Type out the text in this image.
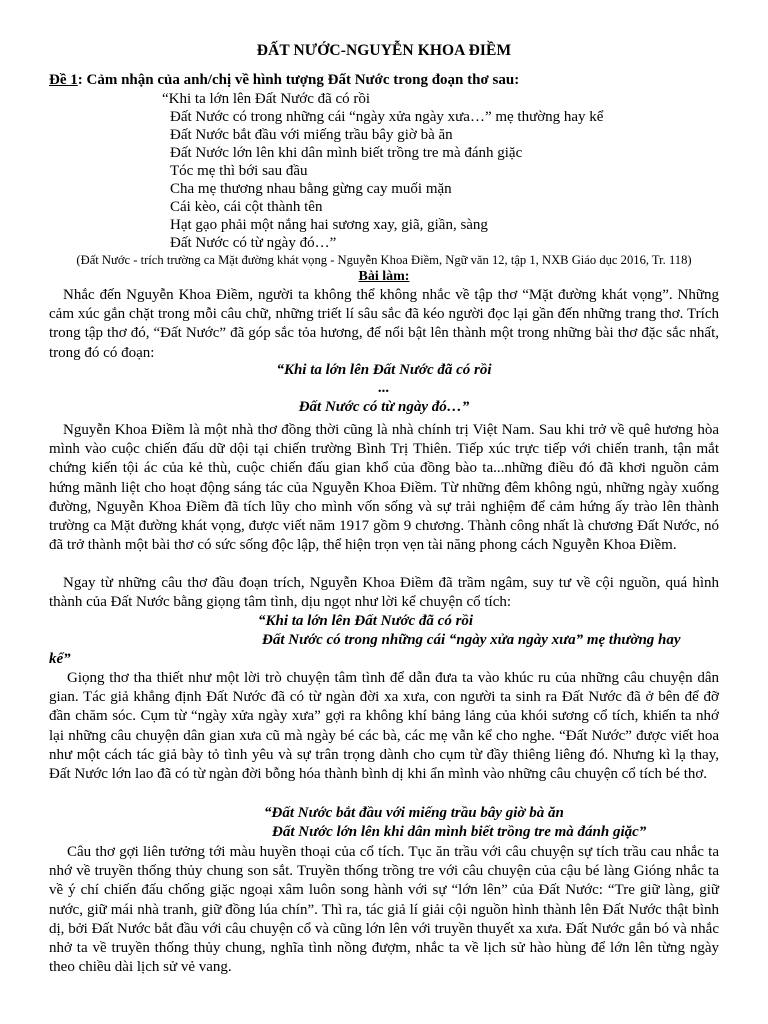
ĐẤT NƯỚC-NGUYỄN KHOA ĐIỀM
Đề 1: Cảm nhận của anh/chị về hình tượng Đất Nước trong đoạn thơ sau:
“Khi ta lớn lên Đất Nước đã có rồi
Đất Nước có trong những cái “ngày xửa ngày xưa…” mẹ thường hay kể
Đất Nước bắt đầu với miếng trầu bây giờ bà ăn
Đất Nước lớn lên khi dân mình biết trồng tre mà đánh giặc
Tóc mẹ thì bới sau đầu
Cha mẹ thương nhau bằng gừng cay muối mặn
Cái kèo, cái cột thành tên
Hạt gạo phải một nắng hai sương xay, giã, giần, sàng
Đất Nước có từ ngày đó…”
(Đất Nước - trích trường ca Mặt đường khát vọng - Nguyễn Khoa Điềm, Ngữ văn 12, tập 1, NXB Giáo dục 2016, Tr. 118)
Bài làm:

Nhắc đến Nguyễn Khoa Điềm, người ta không thể không nhắc về tập thơ “Mặt đường khát vọng”. Những cảm xúc gắn chặt trong mỗi câu chữ, những triết lí sâu sắc đã kéo người đọc lại gần đến những trang thơ. Trích trong tập thơ đó, “Đất Nước” đã góp sắc tỏa hương, để nổi bật lên thành một trong những bài thơ đặc sắc nhất, trong đó có đoạn:

“Khi ta lớn lên Đất Nước đã có rồi
...
Đất Nước có từ ngày đó…”

Nguyễn Khoa Điềm là một nhà thơ đồng thời cũng là nhà chính trị Việt Nam. Sau khi trở về quê hương hòa mình vào cuộc chiến đấu dữ dội tại chiến trường Bình Trị Thiên. Tiếp xúc trực tiếp với chiến tranh, tận mắt chứng kiến tội ác của kẻ thù, cuộc chiến đấu gian khổ của đồng bào ta...những điều đó đã khơi nguồn cảm hứng mãnh liệt cho hoạt động sáng tác của Nguyễn Khoa Điềm. Từ những đêm không ngủ, những ngày xuống đường, Nguyễn Khoa Điềm đã tích lũy cho mình vốn sống và sự trải nghiệm để cảm hứng ấy trào lên thành trường ca Mặt đường khát vọng, được viết năm 1917 gồm 9 chương. Thành công nhất là chương Đất Nước, nó đã trở thành một bài thơ có sức sống độc lập, thể hiện trọn vẹn tài năng phong cách Nguyễn Khoa Điềm.

Ngay từ những câu thơ đầu đoạn trích, Nguyễn Khoa Điềm đã trầm ngâm, suy tư về cội nguồn, quá hình thành của Đất Nước bằng giọng tâm tình, dịu ngọt như lời kể chuyện cổ tích:

“Khi ta lớn lên Đất Nước đã có rồi
Đất Nước có trong những cái “ngày xửa ngày xưa” mẹ thường hay
kể”

Giọng thơ tha thiết như một lời trò chuyện tâm tình để dẫn đưa ta vào khúc ru của những câu chuyện dân gian. Tác giả khẳng định Đất Nước đã có từ ngàn đời xa xưa, con người ta sinh ra Đất Nước đã ở bên để đỡ đần chăm sóc. Cụm từ “ngày xửa ngày xưa” gợi ra không khí bảng lảng của khói sương cổ tích, khiến ta nhớ lại những câu chuyện dân gian xưa cũ mà ngày bé các bà, các mẹ vẫn kể cho nghe. “Đất Nước” được viết hoa như một cách tác giả bày tỏ tình yêu và sự trân trọng dành cho cụm từ đầy thiêng liêng đó. Nhưng kì lạ thay, Đất Nước lớn lao đã có từ ngàn đời bỗng hóa thành bình dị khi ẩn mình vào những câu chuyện cổ tích bé thơ.

“Đất Nước bắt đầu với miếng trầu bây giờ bà ăn
Đất Nước lớn lên khi dân mình biết trồng tre mà đánh giặc”

Câu thơ gợi liên tưởng tới màu huyền thoại của cổ tích. Tục ăn trầu với câu chuyện sự tích trầu cau nhắc ta nhớ về truyền thống thủy chung son sắt. Truyền thống trồng tre với câu chuyện của cậu bé làng Gióng nhắc ta về ý chí chiến đấu chống giặc ngoại xâm luôn song hành với sự “lớn lên” của Đất Nước: “Tre giữ làng, giữ nước, giữ mái nhà tranh, giữ đồng lúa chín”. Thì ra, tác giả lí giải cội nguồn hình thành lên Đất Nước thật bình dị, bởi Đất Nước bắt đầu với câu chuyện cổ và cũng lớn lên với truyền thuyết xa xưa. Đất Nước gắn bó và nhắc nhở ta về truyền thống thủy chung, nghĩa tình nồng đượm, nhắc ta về lịch sử hào hùng để lớn lên từng ngày theo chiều dài lịch sử vẻ vang.
